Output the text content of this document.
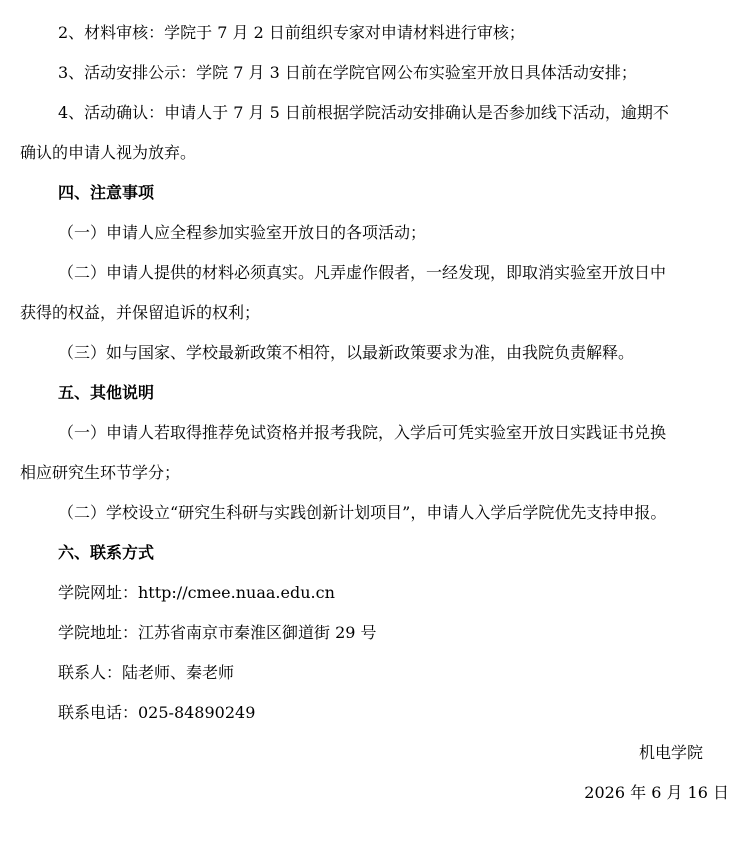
2、材料审核：学院于 7 月 2 日前组织专家对申请材料进行审核；
3、活动安排公示：学院 7 月 3 日前在学院官网公布实验室开放日具体活动安排；
4、活动确认：申请人于 7 月 5 日前根据学院活动安排确认是否参加线下活动，逾期不
确认的申请人视为放弃。
四、注意事项
（一）申请人应全程参加实验室开放日的各项活动；
（二）申请人提供的材料必须真实。凡弄虚作假者，一经发现，即取消实验室开放日中
获得的权益，并保留追诉的权利；
（三）如与国家、学校最新政策不相符，以最新政策要求为准，由我院负责解释。
五、其他说明
（一）申请人若取得推荐免试资格并报考我院，入学后可凭实验室开放日实践证书兑换
相应研究生环节学分；
（二）学校设立“研究生科研与实践创新计划项目”，申请人入学后学院优先支持申报。
六、联系方式
学院网址：http://cmee.nuaa.edu.cn
学院地址：江苏省南京市秦淮区御道街 29 号
联系人：陆老师、秦老师
联系电话：025-84890249
机电学院
2026 年 6 月 16 日
